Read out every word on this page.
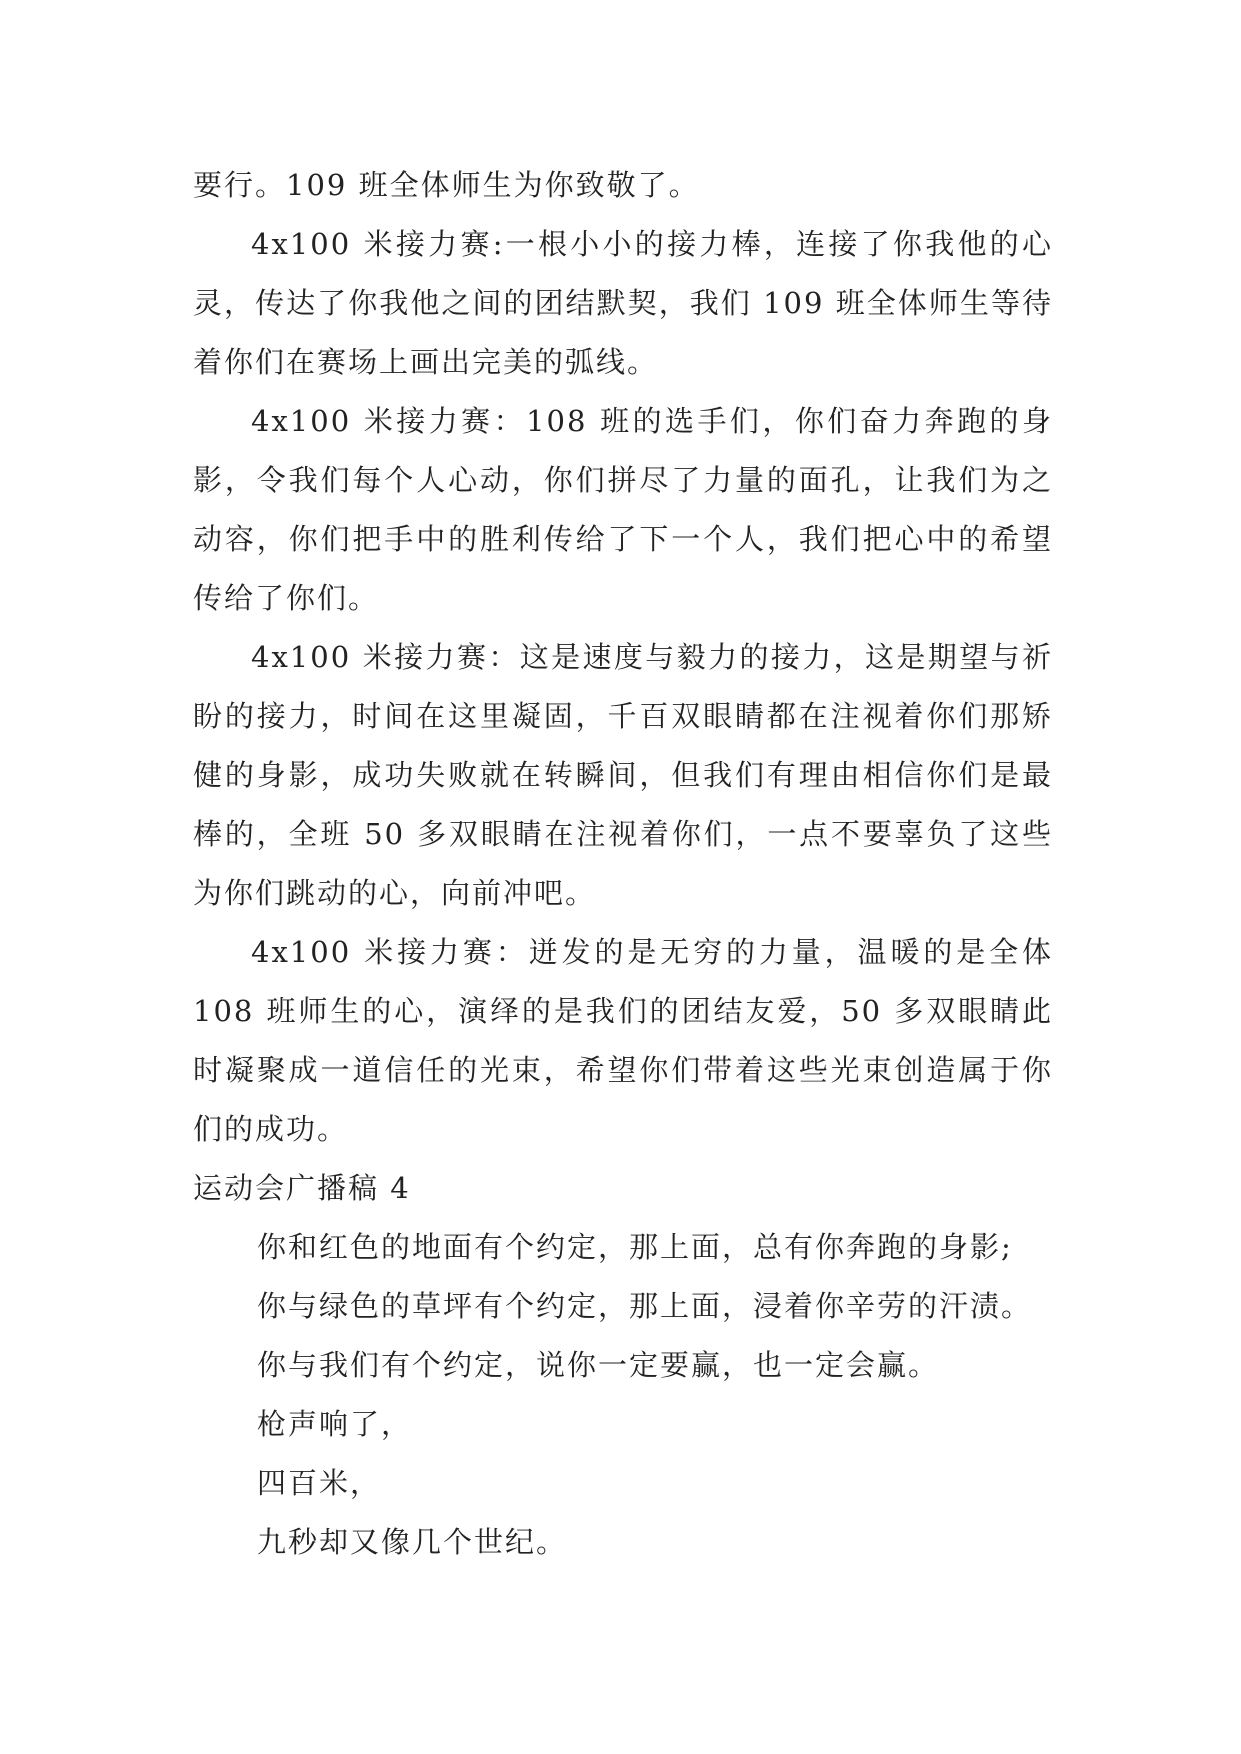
要行。109 班全体师生为你致敬了。

4x100 米接力赛:一根小小的接力棒，连接了你我他的心灵，传达了你我他之间的团结默契，我们 109 班全体师生等待着你们在赛场上画出完美的弧线。

4x100 米接力赛：108 班的选手们，你们奋力奔跑的身影，令我们每个人心动，你们拼尽了力量的面孔，让我们为之动容，你们把手中的胜利传给了下一个人，我们把心中的希望传给了你们。

4x100 米接力赛：这是速度与毅力的接力，这是期望与祈盼的接力，时间在这里凝固，千百双眼睛都在注视着你们那矫健的身影，成功失败就在转瞬间，但我们有理由相信你们是最棒的，全班 50 多双眼睛在注视着你们，一点不要辜负了这些为你们跳动的心，向前冲吧。

4x100 米接力赛：迸发的是无穷的力量，温暖的是全体 108 班师生的心，演绎的是我们的团结友爱，50 多双眼睛此时凝聚成一道信任的光束，希望你们带着这些光束创造属于你们的成功。

运动会广播稿 4

你和红色的地面有个约定，那上面，总有你奔跑的身影;

你与绿色的草坪有个约定，那上面，浸着你辛劳的汗渍。

你与我们有个约定，说你一定要赢，也一定会赢。

枪声响了，

四百米，

九秒却又像几个世纪。
